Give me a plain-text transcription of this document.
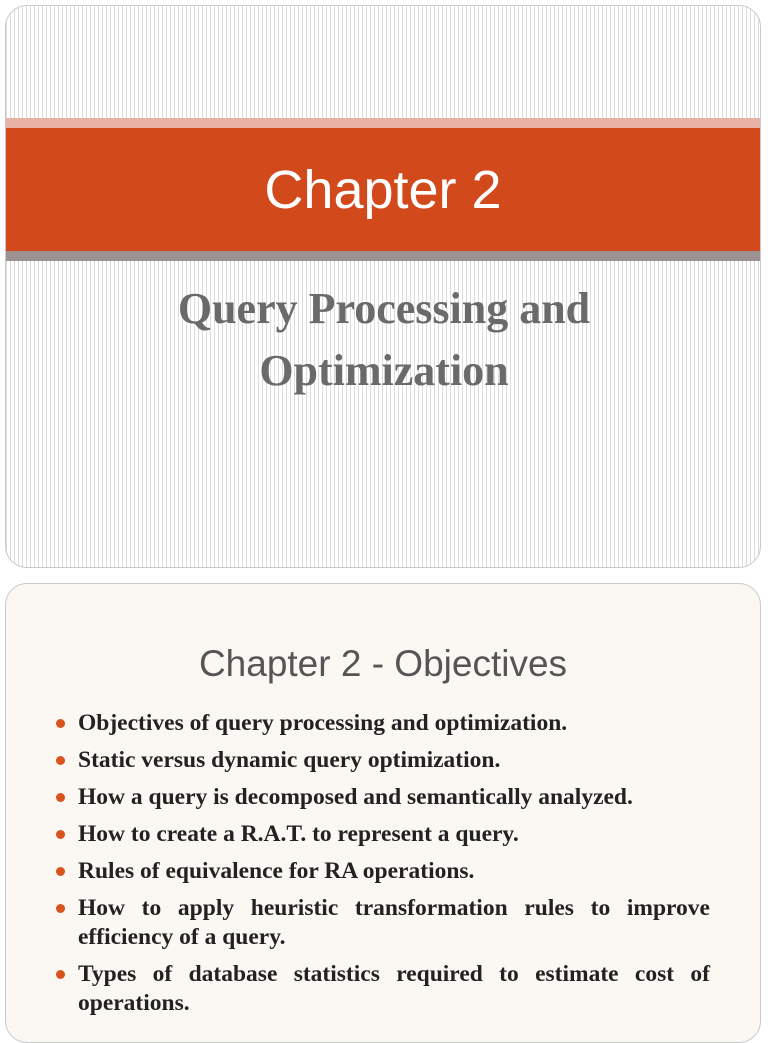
Chapter 2
Query Processing and
Optimization
Chapter 2 - Objectives
Objectives of query processing and optimization.
Static versus dynamic query optimization.
How a query is decomposed and semantically analyzed.
How to create a R.A.T. to represent a query.
Rules of equivalence for RA operations.
How to apply heuristic transformation rules to improve efficiency of a query.
Types of database statistics required to estimate cost of operations.
